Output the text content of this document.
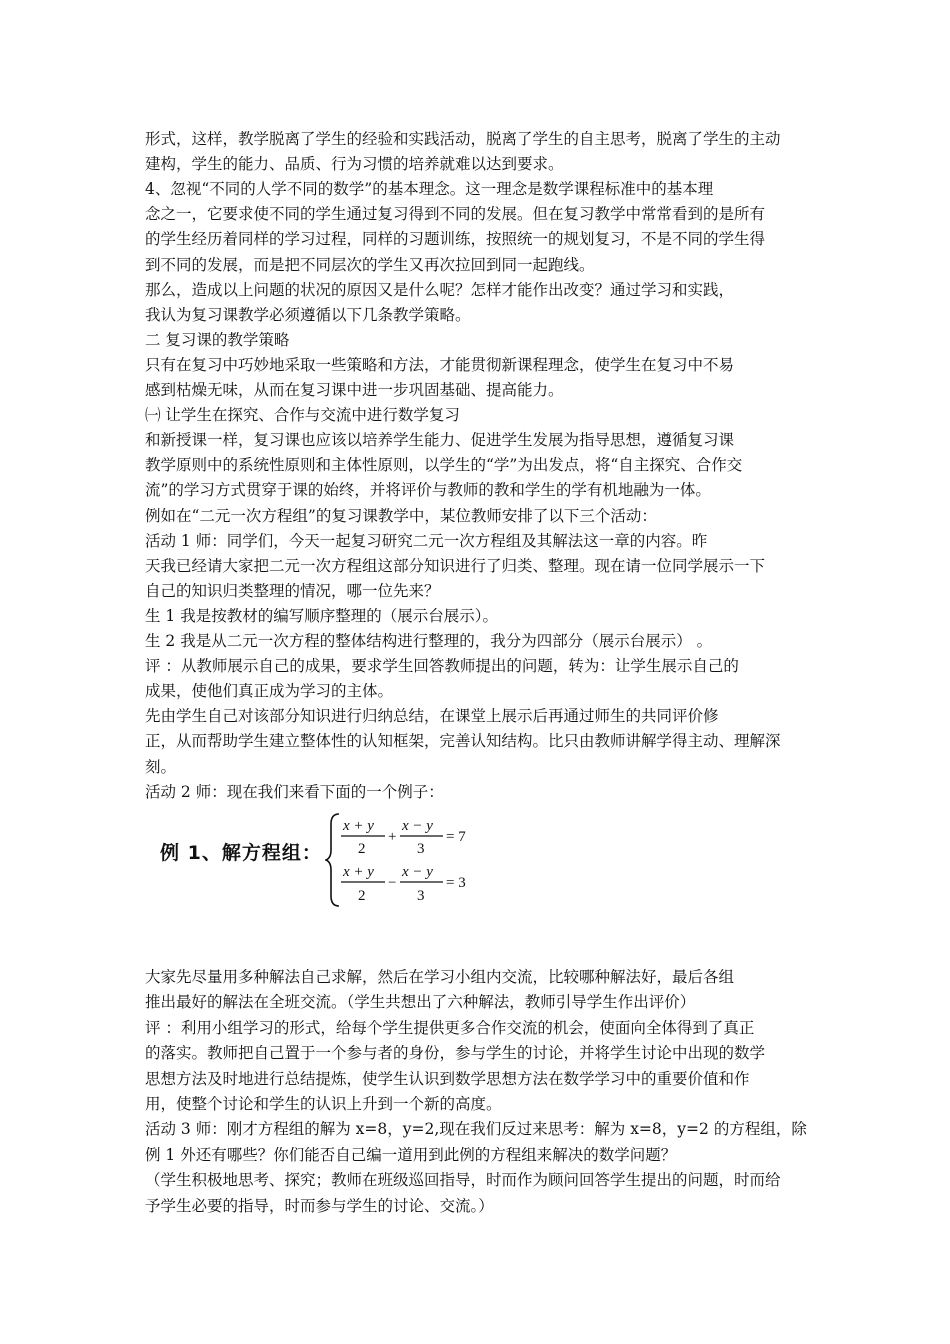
形式，这样，教学脱离了学生的经验和实践活动，脱离了学生的自主思考，脱离了学生的主动
建构，学生的能力、品质、行为习惯的培养就难以达到要求。
4、忽视“不同的人学不同的数学”的基本理念。这一理念是数学课程标准中的基本理
念之一，它要求使不同的学生通过复习得到不同的发展。但在复习教学中常常看到的是所有
的学生经历着同样的学习过程，同样的习题训练，按照统一的规划复习，不是不同的学生得
到不同的发展，而是把不同层次的学生又再次拉回到同一起跑线。
那么，造成以上问题的状况的原因又是什么呢？怎样才能作出改变？通过学习和实践，
我认为复习课教学必须遵循以下几条教学策略。
二 复习课的教学策略
只有在复习中巧妙地采取一些策略和方法，才能贯彻新课程理念，使学生在复习中不易
感到枯燥无味，从而在复习课中进一步巩固基础、提高能力。
㈠ 让学生在探究、合作与交流中进行数学复习
和新授课一样，复习课也应该以培养学生能力、促进学生发展为指导思想，遵循复习课
教学原则中的系统性原则和主体性原则，以学生的“学”为出发点，将“自主探究、合作交
流”的学习方式贯穿于课的始终，并将评价与教师的教和学生的学有机地融为一体。
例如在“二元一次方程组”的复习课教学中，某位教师安排了以下三个活动：
活动 1 师：同学们，今天一起复习研究二元一次方程组及其解法这一章的内容。昨
天我已经请大家把二元一次方程组这部分知识进行了归类、整理。现在请一位同学展示一下
自己的知识归类整理的情况，哪一位先来？
生 1 我是按教材的编写顺序整理的（展示台展示）。
生 2 我是从二元一次方程的整体结构进行整理的，我分为四部分（展示台展示） 。
评 ：从教师展示自己的成果，要求学生回答教师提出的问题，转为：让学生展示自己的
成果，使他们真正成为学习的主体。
先由学生自己对该部分知识进行归纳总结，在课堂上展示后再通过师生的共同评价修
正，从而帮助学生建立整体性的认知框架，完善认知结构。比只由教师讲解学得主动、理解深
刻。
活动 2 师：现在我们来看下面的一个例子：
例 1、解方程组：
x + y
2
+
x − y
3
= 7
x + y
2
−
x − y
3
= 3
大家先尽量用多种解法自己求解，然后在学习小组内交流，比较哪种解法好，最后各组
推出最好的解法在全班交流。（学生共想出了六种解法，教师引导学生作出评价）
评 ：利用小组学习的形式，给每个学生提供更多合作交流的机会，使面向全体得到了真正
的落实。教师把自己置于一个参与者的身份，参与学生的讨论，并将学生讨论中出现的数学
思想方法及时地进行总结提炼，使学生认识到数学思想方法在数学学习中的重要价值和作
用，使整个讨论和学生的认识上升到一个新的高度。
活动 3 师：刚才方程组的解为 x=8，y=2,现在我们反过来思考：解为 x=8，y=2 的方程组，除
例 1 外还有哪些？你们能否自己编一道用到此例的方程组来解决的数学问题？
（学生积极地思考、探究；教师在班级巡回指导，时而作为顾问回答学生提出的问题，时而给
予学生必要的指导，时而参与学生的讨论、交流。）
